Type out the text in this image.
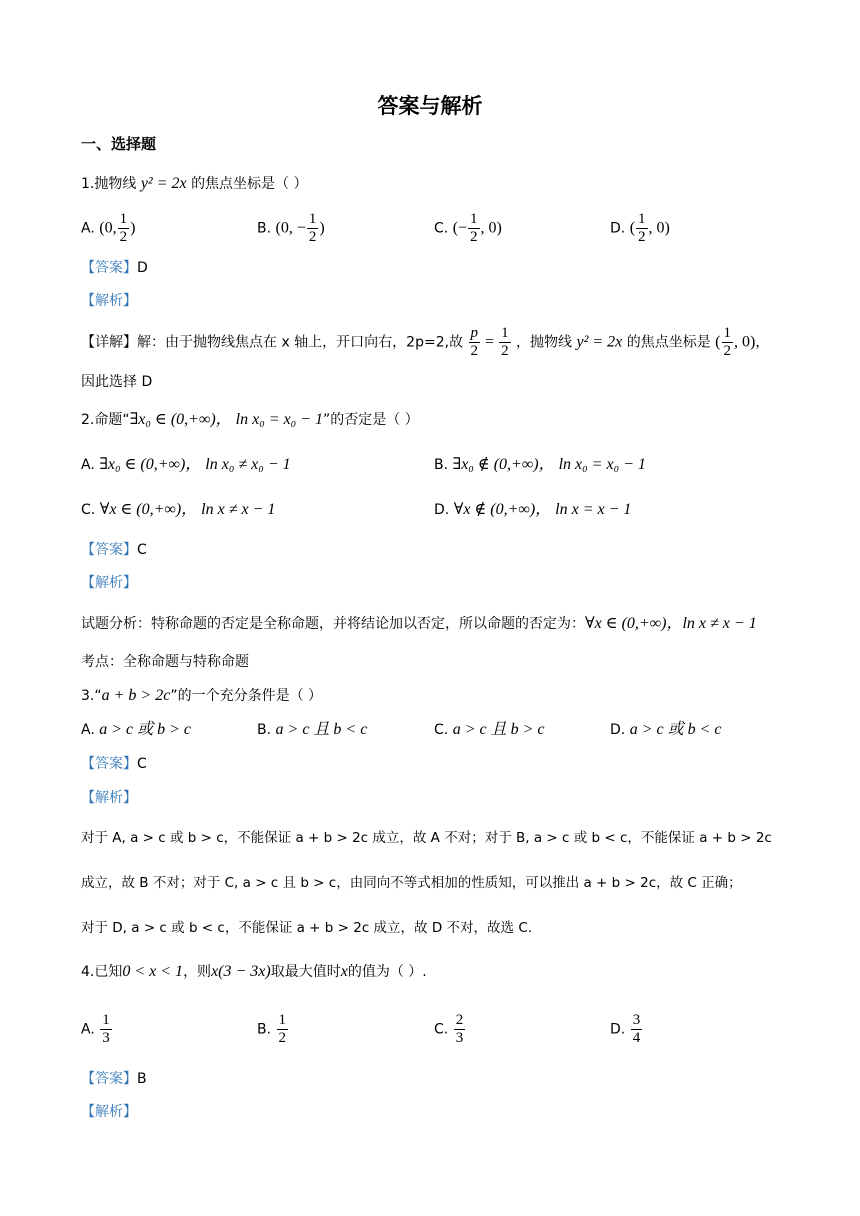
答案与解析
一、选择题
1.抛物线 y² = 2x 的焦点坐标是（ ）
A. (0, $\frac{1}{2}$ )	B. (0, − $\frac{1}{2}$ )	C. (− $\frac{1}{2}$ , 0)	D. ( $\frac{1}{2}$ , 0)
【答案】D
【解析】
【详解】解：由于抛物线焦点在 x 轴上，开口向右，2p=2,故 $\frac{p}{2} = \frac{1}{2}$ ，抛物线 y² = 2x 的焦点坐标是 ( $\frac{1}{2}$ , 0)，
因此选择 D
2.命题“∃x₀ ∈ (0,+∞)， ln x₀ = x₀ − 1”的否定是（ ）
A. ∃x₀ ∈ (0,+∞)， ln x₀ ≠ x₀ − 1	B. ∃x₀ ∉ (0,+∞)， ln x₀ = x₀ − 1
C. ∀x ∈ (0,+∞)， ln x ≠ x − 1	D. ∀x ∉ (0,+∞)， ln x = x − 1
【答案】C
【解析】
试题分析：特称命题的否定是全称命题，并将结论加以否定，所以命题的否定为：∀x ∈ (0,+∞)，ln x ≠ x − 1
考点：全称命题与特称命题
3.“a + b > 2c”的一个充分条件是（ ）
A. a > c 或 b > c	B. a > c 且 b < c	C. a > c 且 b > c	D. a > c 或 b < c
【答案】C
【解析】
对于 A, a > c 或 b > c，不能保证 a + b > 2c 成立，故 A 不对；对于 B, a > c 或 b < c，不能保证 a + b > 2c
成立，故 B 不对；对于 C, a > c 且 b > c，由同向不等式相加的性质知，可以推出 a + b > 2c，故 C 正确；
对于 D, a > c 或 b < c，不能保证 a + b > 2c 成立，故 D 不对，故选 C.
4.已知0 < x < 1，则x(3 − 3x)取最大值时x的值为（ ）.
A. $\frac{1}{3}$	B. $\frac{1}{2}$	C. $\frac{2}{3}$	D. $\frac{3}{4}$
【答案】B
【解析】
